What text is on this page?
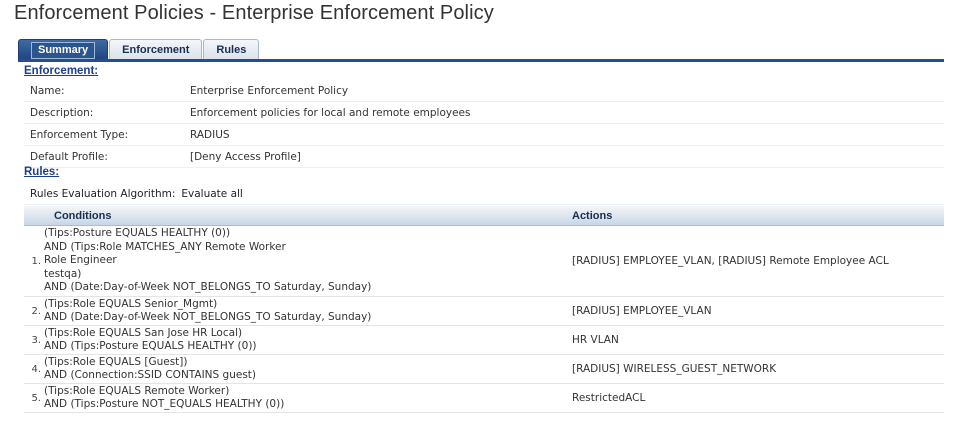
Enforcement Policies - Enterprise Enforcement Policy
Summary	Enforcement	Rules
Enforcement:
Name:	Enterprise Enforcement Policy
Description:	Enforcement policies for local and remote employees
Enforcement Type:	RADIUS
Default Profile:	[Deny Access Profile]
Rules:
Rules Evaluation Algorithm: Evaluate all
Conditions	Actions
1.
(Tips:Posture EQUALS HEALTHY (0))
AND (Tips:Role MATCHES_ANY Remote Worker
Role Engineer
testqa)
AND (Date:Day-of-Week NOT_BELONGS_TO Saturday, Sunday)
[RADIUS] EMPLOYEE_VLAN, [RADIUS] Remote Employee ACL
2.
(Tips:Role EQUALS Senior_Mgmt)
AND (Date:Day-of-Week NOT_BELONGS_TO Saturday, Sunday)	[RADIUS] EMPLOYEE_VLAN
3.
(Tips:Role EQUALS San Jose HR Local)
AND (Tips:Posture EQUALS HEALTHY (0))	HR VLAN
4.
(Tips:Role EQUALS [Guest])
AND (Connection:SSID CONTAINS guest)	[RADIUS] WIRELESS_GUEST_NETWORK
5.
(Tips:Role EQUALS Remote Worker)
AND (Tips:Posture NOT_EQUALS HEALTHY (0))	RestrictedACL
